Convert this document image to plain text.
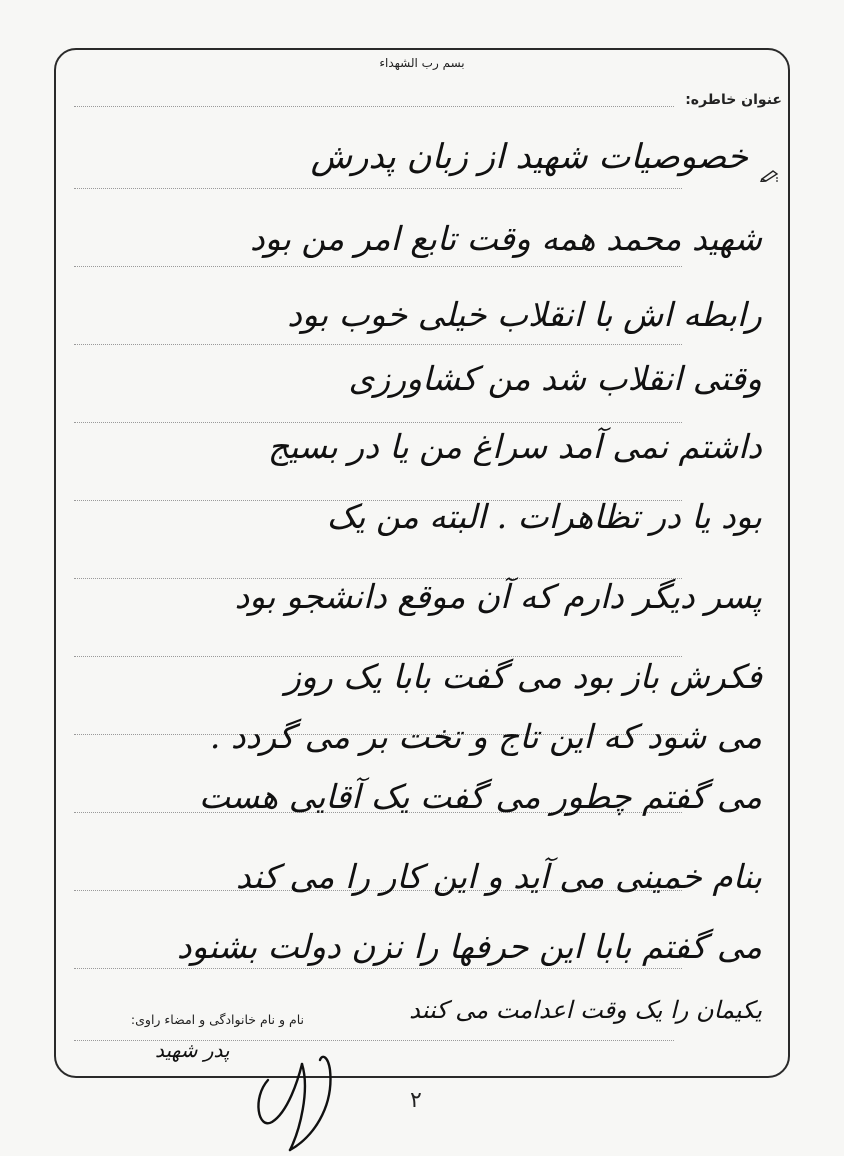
بسم رب الشهداء
عنوان خاطره:
خصوصیات شهید از زبان پدرش
شهید محمد همه وقت تابع امر من بود
رابطه اش با انقلاب خیلی خوب بود
وقتی انقلاب شد من کشاورزی
داشتم نمی آمد سراغ من یا در بسیج
بود یا در تظاهرات . البته من یک
پسر دیگر دارم که آن موقع دانشجو بود
فکرش باز بود می گفت بابا یک روز
می شود که این تاج و تخت بر می گردد .
می گفتم چطور می گفت یک آقایی هست
بنام خمینی می آید و این کار را می کند
می گفتم بابا این حرفها را نزن دولت بشنود
نام و نام خانوادگی و امضاء راوی:	یکیمان را یک وقت اعدامت می کنند
پدر شهید
۲
